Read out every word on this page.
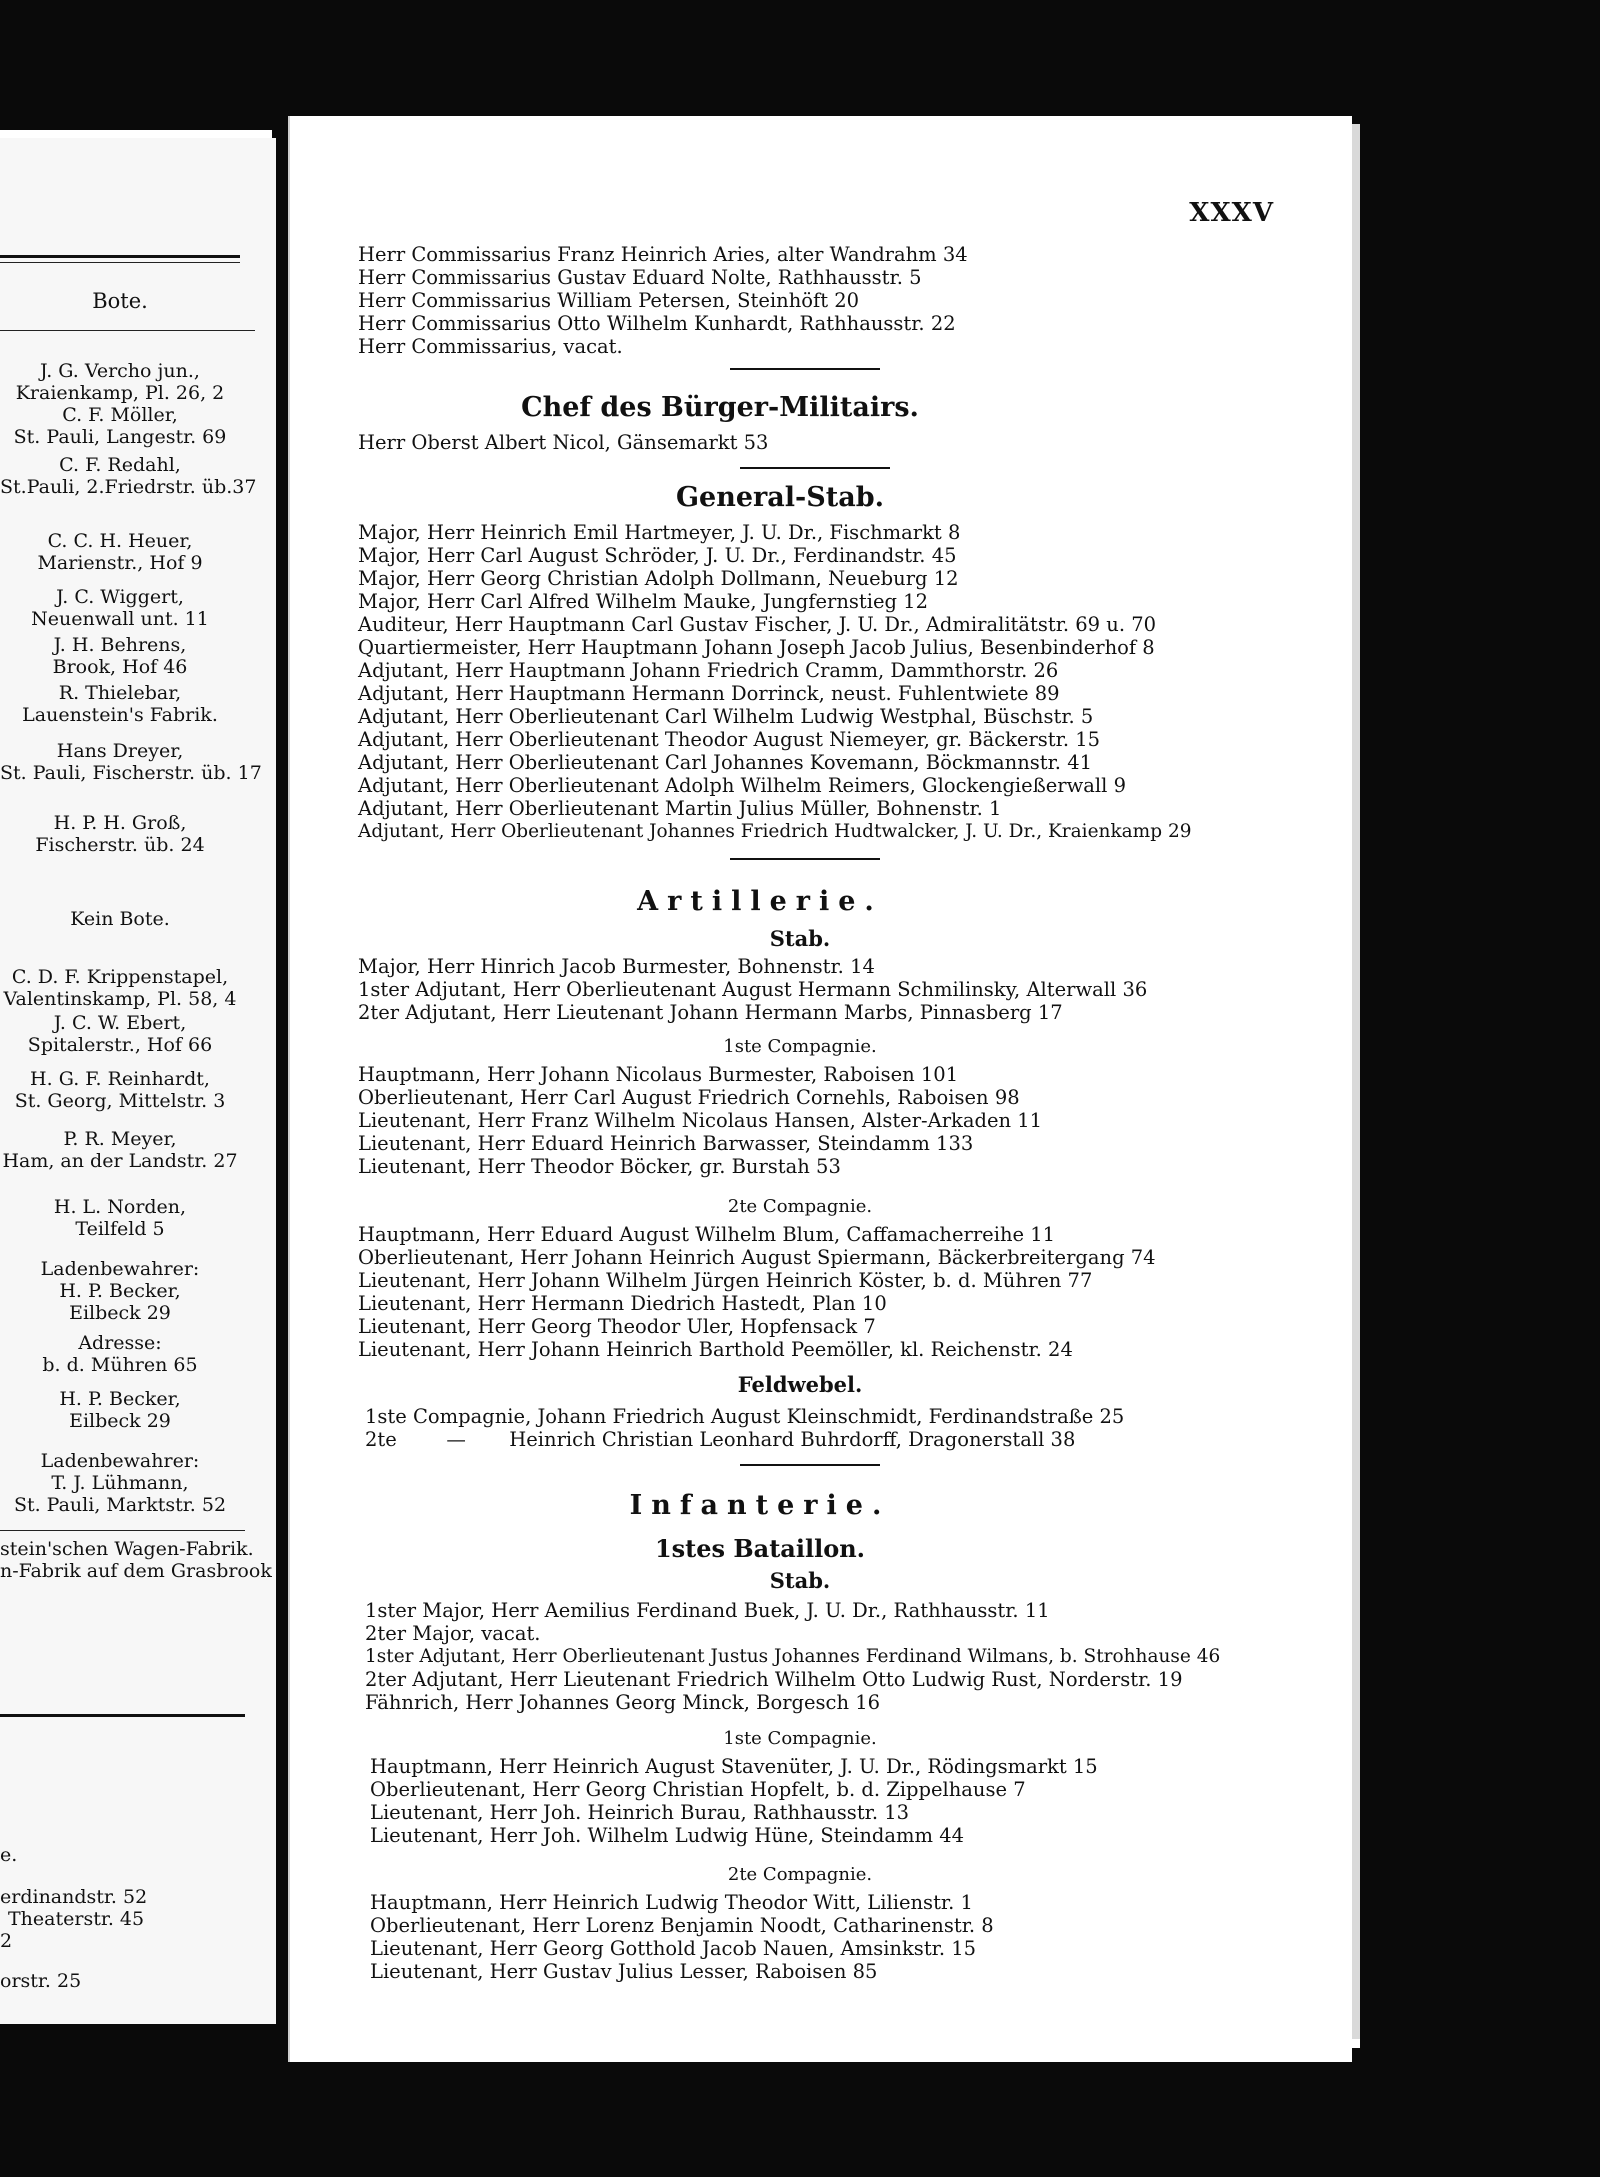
Bote.
J. G. Vercho jun.,
Kraienkamp, Pl. 26, 2
C. F. Möller,
St. Pauli, Langestr. 69
C. F. Redahl,
St.Pauli, 2.Friedrstr. üb.37
C. C. H. Heuer,
Marienstr., Hof 9
J. C. Wiggert,
Neuenwall unt. 11
J. H. Behrens,
Brook, Hof 46
R. Thielebar,
Lauenstein's Fabrik.
Hans Dreyer,
St. Pauli, Fischerstr. üb. 17
H. P. H. Groß,
Fischerstr. üb. 24
Kein Bote.
C. D. F. Krippenstapel,
Valentinskamp, Pl. 58, 4
J. C. W. Ebert,
Spitalerstr., Hof 66
H. G. F. Reinhardt,
St. Georg, Mittelstr. 3
P. R. Meyer,
Ham, an der Landstr. 27
H. L. Norden,
Teilfeld 5
Ladenbewahrer:
H. P. Becker,
Eilbeck 29
Adresse:
b. d. Mühren 65
H. P. Becker,
Eilbeck 29
Ladenbewahrer:
T. J. Lühmann,
St. Pauli, Marktstr. 52
stein'schen Wagen-Fabrik.
n-Fabrik auf dem Grasbrook
e.
erdinandstr. 52
Theaterstr. 45
2
orstr. 25
XXXV
Herr Commissarius Franz Heinrich Aries, alter Wandrahm 34
Herr Commissarius Gustav Eduard Nolte, Rathhausstr. 5
Herr Commissarius William Petersen, Steinhöft 20
Herr Commissarius Otto Wilhelm Kunhardt, Rathhausstr. 22
Herr Commissarius, vacat.
Chef des Bürger-Militairs.
Herr Oberst Albert Nicol, Gänsemarkt 53
General-Stab.
Major, Herr Heinrich Emil Hartmeyer, J. U. Dr., Fischmarkt 8
Major, Herr Carl August Schröder, J. U. Dr., Ferdinandstr. 45
Major, Herr Georg Christian Adolph Dollmann, Neueburg 12
Major, Herr Carl Alfred Wilhelm Mauke, Jungfernstieg 12
Auditeur, Herr Hauptmann Carl Gustav Fischer, J. U. Dr., Admiralitätstr. 69 u. 70
Quartiermeister, Herr Hauptmann Johann Joseph Jacob Julius, Besenbinderhof 8
Adjutant, Herr Hauptmann Johann Friedrich Cramm, Dammthorstr. 26
Adjutant, Herr Hauptmann Hermann Dorrinck, neust. Fuhlentwiete 89
Adjutant, Herr Oberlieutenant Carl Wilhelm Ludwig Westphal, Büschstr. 5
Adjutant, Herr Oberlieutenant Theodor August Niemeyer, gr. Bäckerstr. 15
Adjutant, Herr Oberlieutenant Carl Johannes Kovemann, Böckmannstr. 41
Adjutant, Herr Oberlieutenant Adolph Wilhelm Reimers, Glockengießerwall 9
Adjutant, Herr Oberlieutenant Martin Julius Müller, Bohnenstr. 1
Adjutant, Herr Oberlieutenant Johannes Friedrich Hudtwalcker, J. U. Dr., Kraienkamp 29
Artillerie.
Stab.
Major, Herr Hinrich Jacob Burmester, Bohnenstr. 14
1ster Adjutant, Herr Oberlieutenant August Hermann Schmilinsky, Alterwall 36
2ter Adjutant, Herr Lieutenant Johann Hermann Marbs, Pinnasberg 17
1ste Compagnie.
Hauptmann, Herr Johann Nicolaus Burmester, Raboisen 101
Oberlieutenant, Herr Carl August Friedrich Cornehls, Raboisen 98
Lieutenant, Herr Franz Wilhelm Nicolaus Hansen, Alster-Arkaden 11
Lieutenant, Herr Eduard Heinrich Barwasser, Steindamm 133
Lieutenant, Herr Theodor Böcker, gr. Burstah 53
2te Compagnie.
Hauptmann, Herr Eduard August Wilhelm Blum, Caffamacherreihe 11
Oberlieutenant, Herr Johann Heinrich August Spiermann, Bäckerbreitergang 74
Lieutenant, Herr Johann Wilhelm Jürgen Heinrich Köster, b. d. Mühren 77
Lieutenant, Herr Hermann Diedrich Hastedt, Plan 10
Lieutenant, Herr Georg Theodor Uler, Hopfensack 7
Lieutenant, Herr Johann Heinrich Barthold Peemöller, kl. Reichenstr. 24
Feldwebel.
1ste Compagnie, Johann Friedrich August Kleinschmidt, Ferdinandstraße 25
2te        —       Heinrich Christian Leonhard Buhrdorff, Dragonerstall 38
Infanterie.
1stes Bataillon.
Stab.
1ster Major, Herr Aemilius Ferdinand Buek, J. U. Dr., Rathhausstr. 11
2ter Major, vacat.
1ster Adjutant, Herr Oberlieutenant Justus Johannes Ferdinand Wilmans, b. Strohhause 46
2ter Adjutant, Herr Lieutenant Friedrich Wilhelm Otto Ludwig Rust, Norderstr. 19
Fähnrich, Herr Johannes Georg Minck, Borgesch 16
1ste Compagnie.
Hauptmann, Herr Heinrich August Stavenüter, J. U. Dr., Rödingsmarkt 15
Oberlieutenant, Herr Georg Christian Hopfelt, b. d. Zippelhause 7
Lieutenant, Herr Joh. Heinrich Burau, Rathhausstr. 13
Lieutenant, Herr Joh. Wilhelm Ludwig Hüne, Steindamm 44
2te Compagnie.
Hauptmann, Herr Heinrich Ludwig Theodor Witt, Lilienstr. 1
Oberlieutenant, Herr Lorenz Benjamin Noodt, Catharinenstr. 8
Lieutenant, Herr Georg Gotthold Jacob Nauen, Amsinkstr. 15
Lieutenant, Herr Gustav Julius Lesser, Raboisen 85
